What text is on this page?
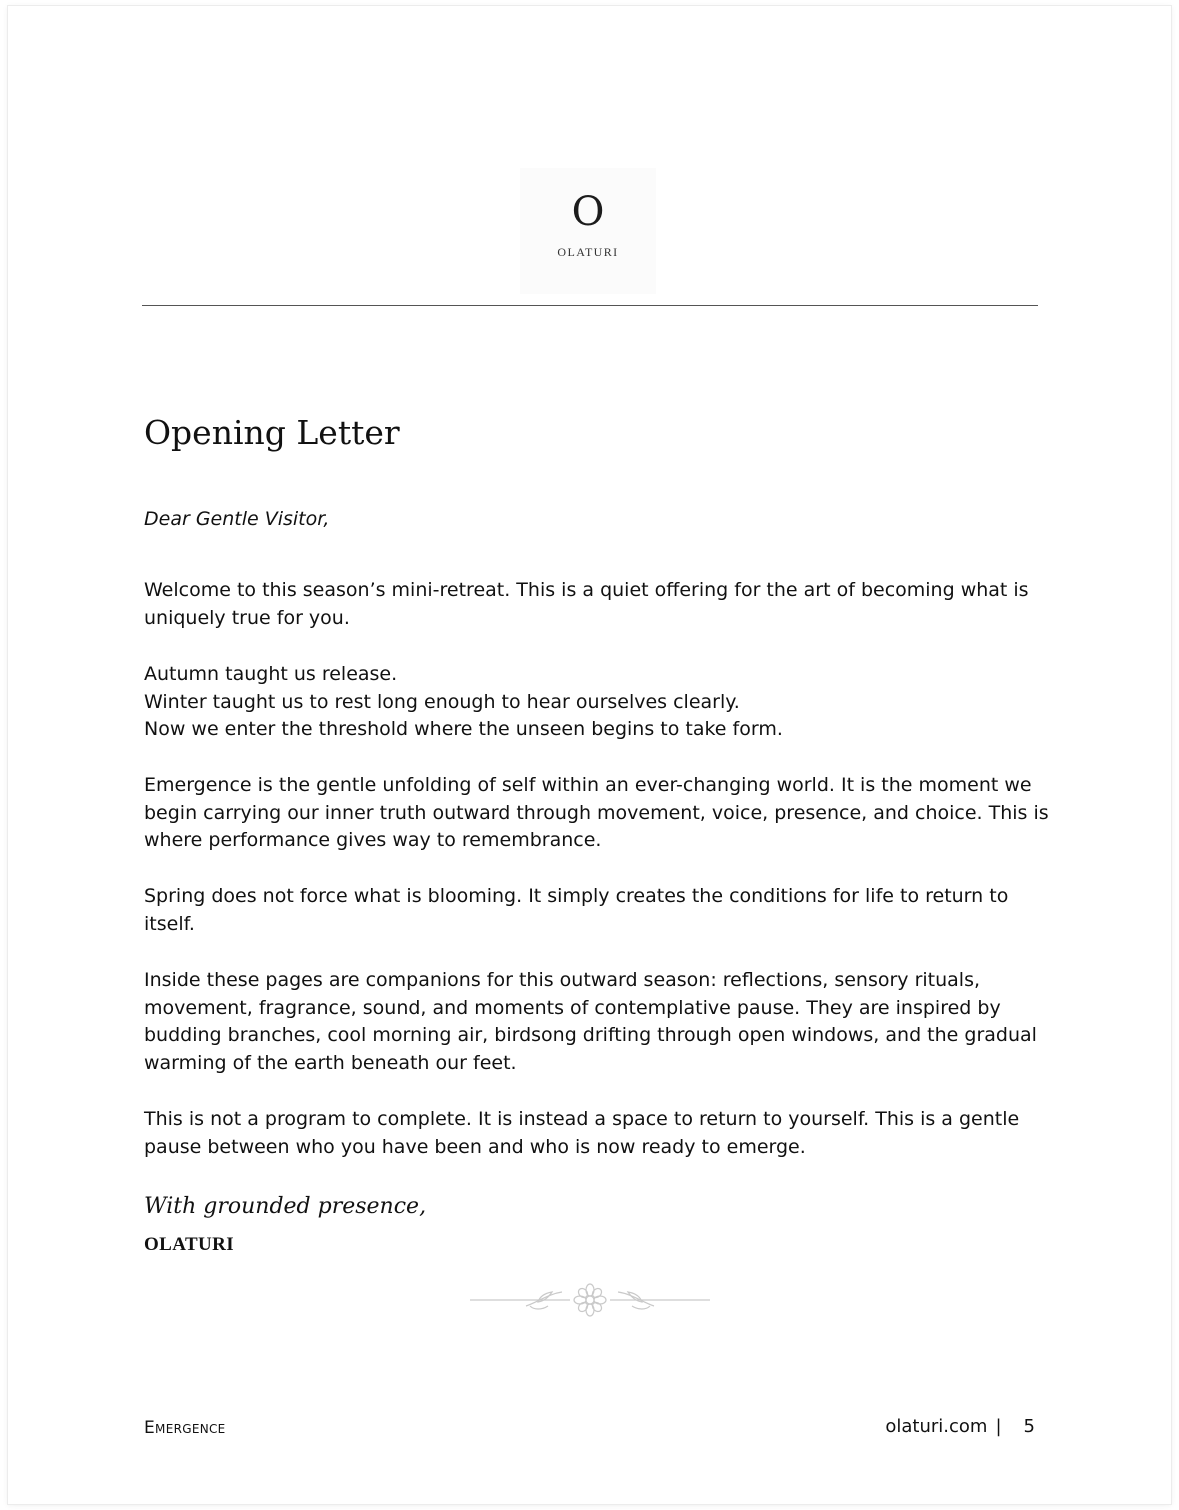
O
OLATURI
Opening Letter

Dear Gentle Visitor,

Welcome to this season’s mini-retreat. This is a quiet offering for the art of becoming what is
uniquely true for you.

Autumn taught us release.
Winter taught us to rest long enough to hear ourselves clearly.
Now we enter the threshold where the unseen begins to take form.

Emergence is the gentle unfolding of self within an ever-changing world. It is the moment we
begin carrying our inner truth outward through movement, voice, presence, and choice. This is
where performance gives way to remembrance.

Spring does not force what is blooming. It simply creates the conditions for life to return to
itself.

Inside these pages are companions for this outward season: reflections, sensory rituals,
movement, fragrance, sound, and moments of contemplative pause. They are inspired by
budding branches, cool morning air, birdsong drifting through open windows, and the gradual
warming of the earth beneath our feet.

This is not a program to complete. It is instead a space to return to yourself. This is a gentle
pause between who you have been and who is now ready to emerge.

With grounded presence,
OLATURI
Emergence	olaturi.com | 5
